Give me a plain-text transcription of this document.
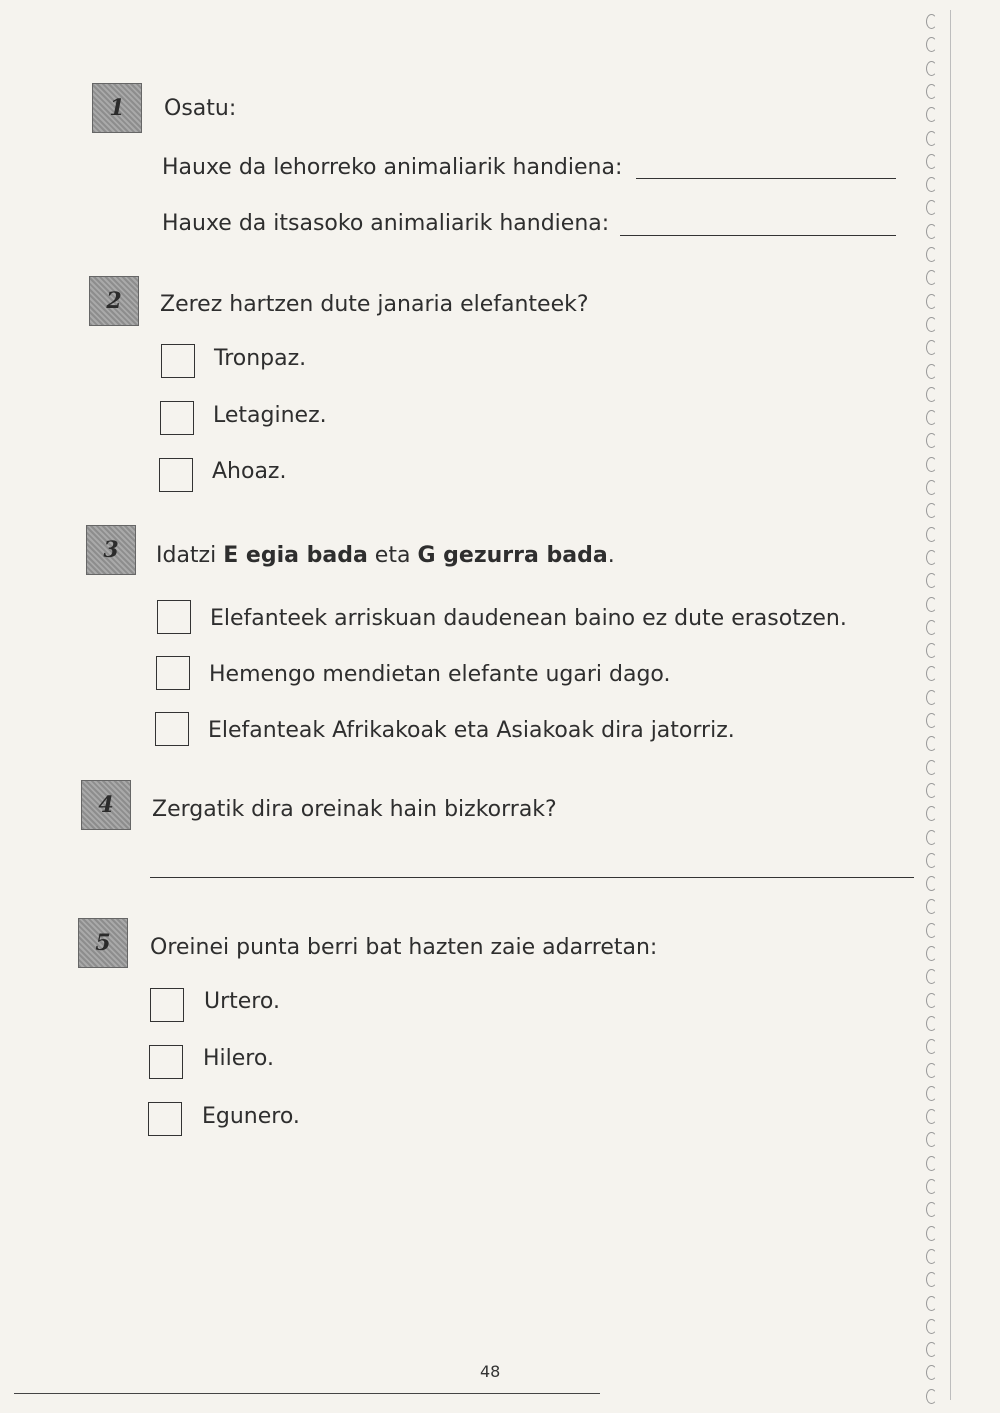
1	Osatu:
Hauxe da lehorreko animaliarik handiena:
Hauxe da itsasoko animaliarik handiena:
2	Zerez hartzen dute janaria elefanteek?
Tronpaz.
Letaginez.
Ahoaz.
3	Idatzi E egia bada eta G gezurra bada.
Elefanteek arriskuan daudenean baino ez dute erasotzen.
Hemengo mendietan elefante ugari dago.
Elefanteak Afrikakoak eta Asiakoak dira jatorriz.
4	Zergatik dira oreinak hain bizkorrak?
5	Oreinei punta berri bat hazten zaie adarretan:
Urtero.
Hilero.
Egunero.
48
